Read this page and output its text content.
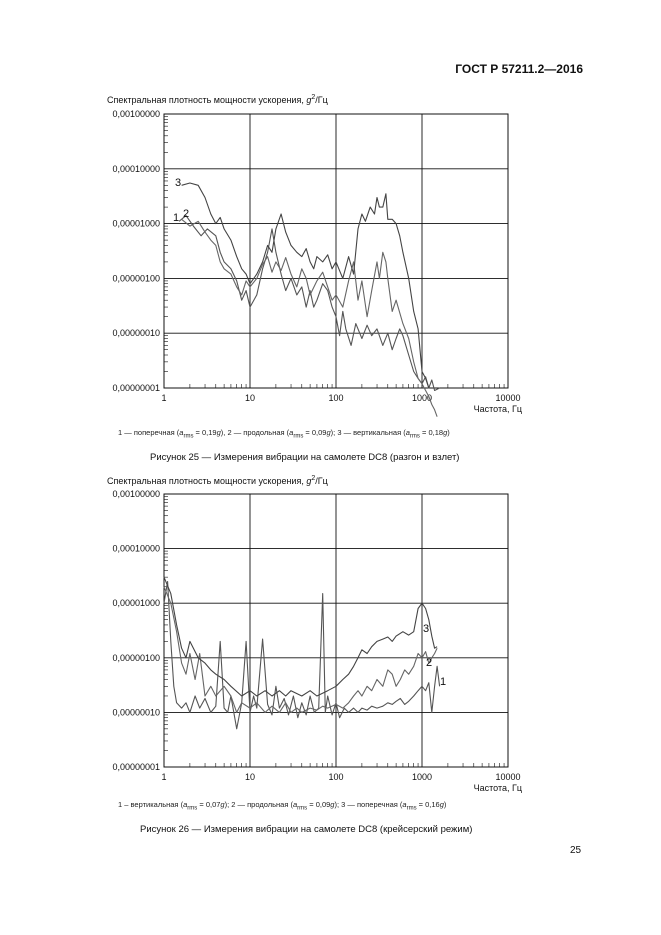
ГОСТ Р 57211.2—2016
Спектральная плотность мощности ускорения, $g^2/Гц$
1 — поперечная $(a_{rms} = 0,19g)$, 2 — продольная $(a_{rms} = 0,09g)$; 3 — вертикальная $(a_{rms} = 0,18g)$
Рисунок 25 — Измерения вибрации на самолете DC8 (разгон и взлет)
Спектральная плотность мощности ускорения, $g^2/Гц$
1 – вертикальная $(a_{rms} = 0,07g)$; 2 — продольная $(a_{rms} = 0,09g)$; 3 — поперечная $(a_{rms} = 0,16g)$
Рисунок 26 — Измерения вибрации на самолете DC8 (крейсерский режим)
25
1	10	100	1000	10000
0,00000001
0,00000010
0,00000100
0,00001000
0,00010000
0,00100000
Частота, Гц
1 2
3
1	10	100	1000	10000
0,00000001
0,00000010
0,00000100
0,00001000
0,00010000
0,00100000
Частота, Гц
1
2
3
